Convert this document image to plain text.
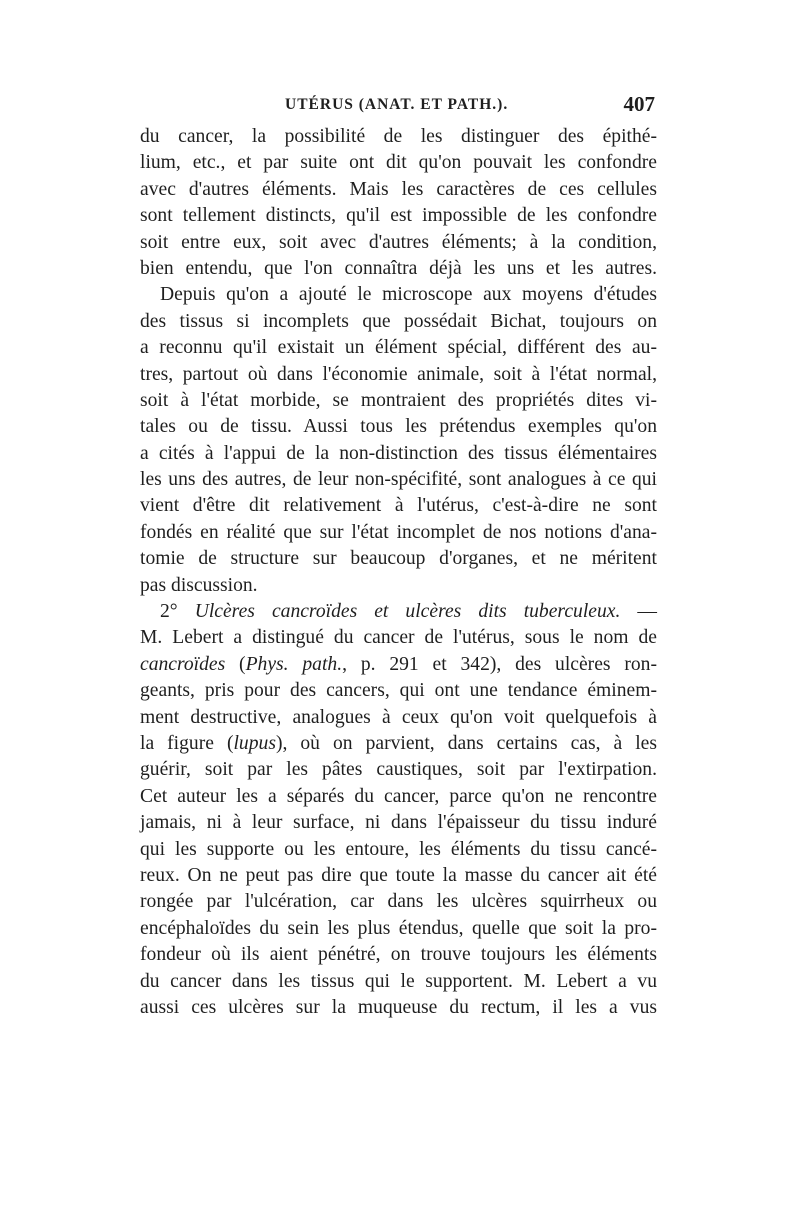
UTÉRUS (ANAT. ET PATH.).	407
du cancer, la possibilité de les distinguer des épithé-
lium, etc., et par suite ont dit qu'on pouvait les confondre
avec d'autres éléments. Mais les caractères de ces cellules
sont tellement distincts, qu'il est impossible de les confondre
soit entre eux, soit avec d'autres éléments; à la condition,
bien entendu, que l'on connaîtra déjà les uns et les autres.
Depuis qu'on a ajouté le microscope aux moyens d'études
des tissus si incomplets que possédait Bichat, toujours on
a reconnu qu'il existait un élément spécial, différent des au-
tres, partout où dans l'économie animale, soit à l'état normal,
soit à l'état morbide, se montraient des propriétés dites vi-
tales ou de tissu. Aussi tous les prétendus exemples qu'on
a cités à l'appui de la non-distinction des tissus élémentaires
les uns des autres, de leur non-spécifité, sont analogues à ce qui
vient d'être dit relativement à l'utérus, c'est-à-dire ne sont
fondés en réalité que sur l'état incomplet de nos notions d'ana-
tomie de structure sur beaucoup d'organes, et ne méritent
pas discussion.
2° Ulcères cancroïdes et ulcères dits tuberculeux. —
M. Lebert a distingué du cancer de l'utérus, sous le nom de
cancroïdes (Phys. path., p. 291 et 342), des ulcères ron-
geants, pris pour des cancers, qui ont une tendance éminem-
ment destructive, analogues à ceux qu'on voit quelquefois à
la figure (lupus), où on parvient, dans certains cas, à les
guérir, soit par les pâtes caustiques, soit par l'extirpation.
Cet auteur les a séparés du cancer, parce qu'on ne rencontre
jamais, ni à leur surface, ni dans l'épaisseur du tissu induré
qui les supporte ou les entoure, les éléments du tissu cancé-
reux. On ne peut pas dire que toute la masse du cancer ait été
rongée par l'ulcération, car dans les ulcères squirrheux ou
encéphaloïdes du sein les plus étendus, quelle que soit la pro-
fondeur où ils aient pénétré, on trouve toujours les éléments
du cancer dans les tissus qui le supportent. M. Lebert a vu
aussi ces ulcères sur la muqueuse du rectum, il les a vus
